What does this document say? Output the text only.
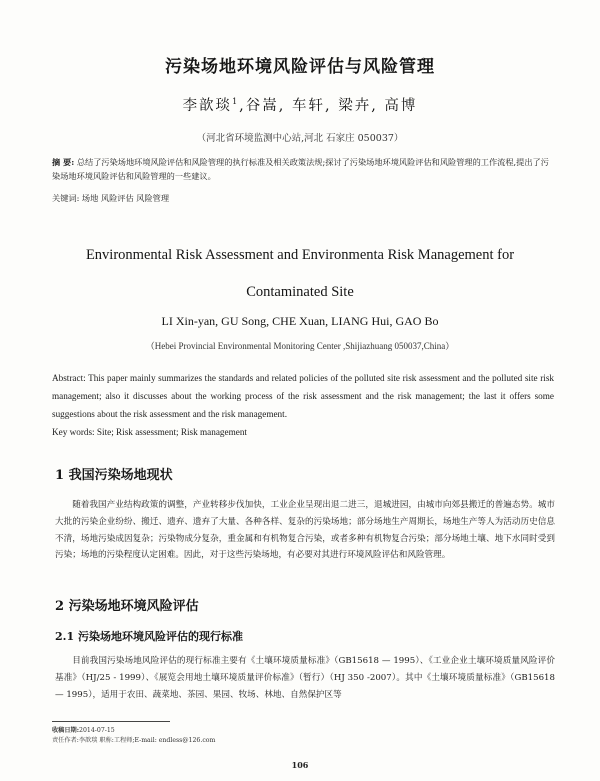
污染场地环境风险评估与风险管理
李歆琰$^1$,谷嵩, 车轩, 梁卉, 高博
（河北省环境监测中心站,河北 石家庄 050037）
摘 要: 总结了污染场地环境风险评估和风险管理的执行标准及相关政策法规;探讨了污染场地环境风险评估和风险管理的工作流程,提出了污染场地环境风险评估和风险管理的一些建议。
关键词: 场地 风险评估 风险管理
Environmental Risk Assessment and Environmenta Risk Management for
Contaminated Site
LI Xin-yan, GU Song, CHE Xuan, LIANG Hui, GAO Bo
（Hebei Provincial Environmental Monitoring Center ,Shijiazhuang 050037,China）
Abstract: This paper mainly summarizes the standards and related policies of the polluted site risk assessment and the polluted site risk management; also it discusses about the working process of the risk assessment and the risk management; the last it offers some suggestions about the risk assessment and the risk management.
Key words: Site; Risk assessment; Risk management
1 我国污染场地现状
随着我国产业结构政策的调整，产业转移步伐加快，工业企业呈现出退二进三，退城进园，由城市向郊县搬迁的普遍态势。城市大批的污染企业纷纷、搬迁、遗弃、遗弃了大量、各种各样、复杂的污染场地；部分场地生产周期长，场地生产等人为活动历史信息不清，场地污染成因复杂；污染物成分复杂，重金属和有机物复合污染，或者多种有机物复合污染；部分场地土壤、地下水同时受到污染；场地的污染程度认定困难。因此，对于这些污染场地，有必要对其进行环境风险评估和风险管理。
2 污染场地环境风险评估
2.1 污染场地环境风险评估的现行标准
目前我国污染场地风险评估的现行标准主要有《土壤环境质量标准》（GB15618 — 1995）、《工业企业土壤环境质量风险评价基准》（HJ/25 - 1999）、《展览会用地土壤环境质量评价标准》（暂行）（HJ 350 -2007）。其中《土壤环境质量标准》（GB15618 — 1995），适用于农田、蔬菜地、茶园、果园、牧场、林地、自然保护区等
收稿日期:2014-07-15
责任作者:李歆琰 职称:工程师;E-mail: endless@126.com
106
